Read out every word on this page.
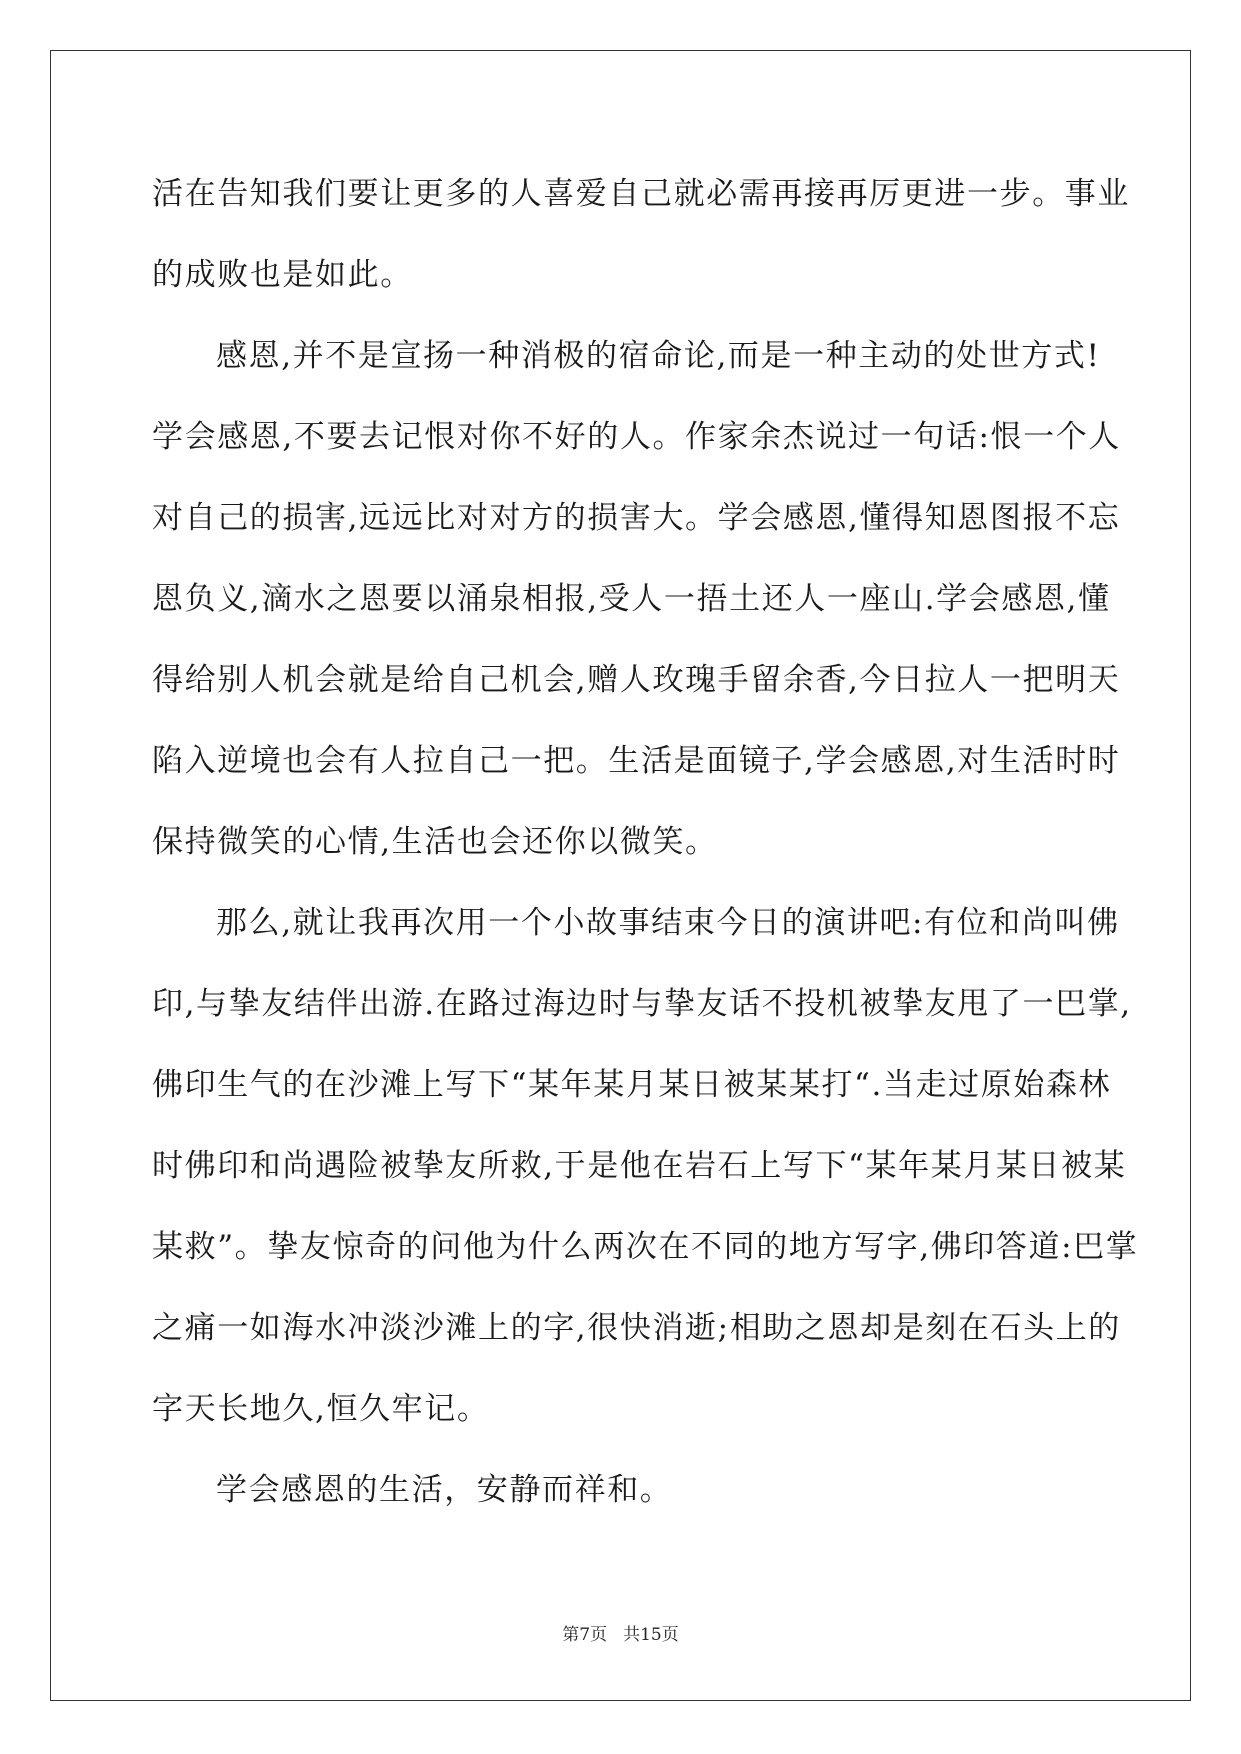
活在告知我们要让更多的人喜爱自己就必需再接再厉更进一步。事业
的成败也是如此。
感恩,并不是宣扬一种消极的宿命论,而是一种主动的处世方式!
学会感恩,不要去记恨对你不好的人。作家余杰说过一句话:恨一个人
对自己的损害,远远比对对方的损害大。学会感恩,懂得知恩图报不忘
恩负义,滴水之恩要以涌泉相报,受人一捂土还人一座山.学会感恩,懂
得给别人机会就是给自己机会,赠人玫瑰手留余香,今日拉人一把明天
陷入逆境也会有人拉自己一把。生活是面镜子,学会感恩,对生活时时
保持微笑的心情,生活也会还你以微笑。
那么,就让我再次用一个小故事结束今日的演讲吧:有位和尚叫佛
印,与挚友结伴出游.在路过海边时与挚友话不投机被挚友甩了一巴掌,
佛印生气的在沙滩上写下“某年某月某日被某某打“.当走过原始森林
时佛印和尚遇险被挚友所救,于是他在岩石上写下“某年某月某日被某
某救”。挚友惊奇的问他为什么两次在不同的地方写字,佛印答道:巴掌
之痛一如海水冲淡沙滩上的字,很快消逝;相助之恩却是刻在石头上的
字天长地久,恒久牢记。
学会感恩的生活，安静而祥和。
第7页 共15页
